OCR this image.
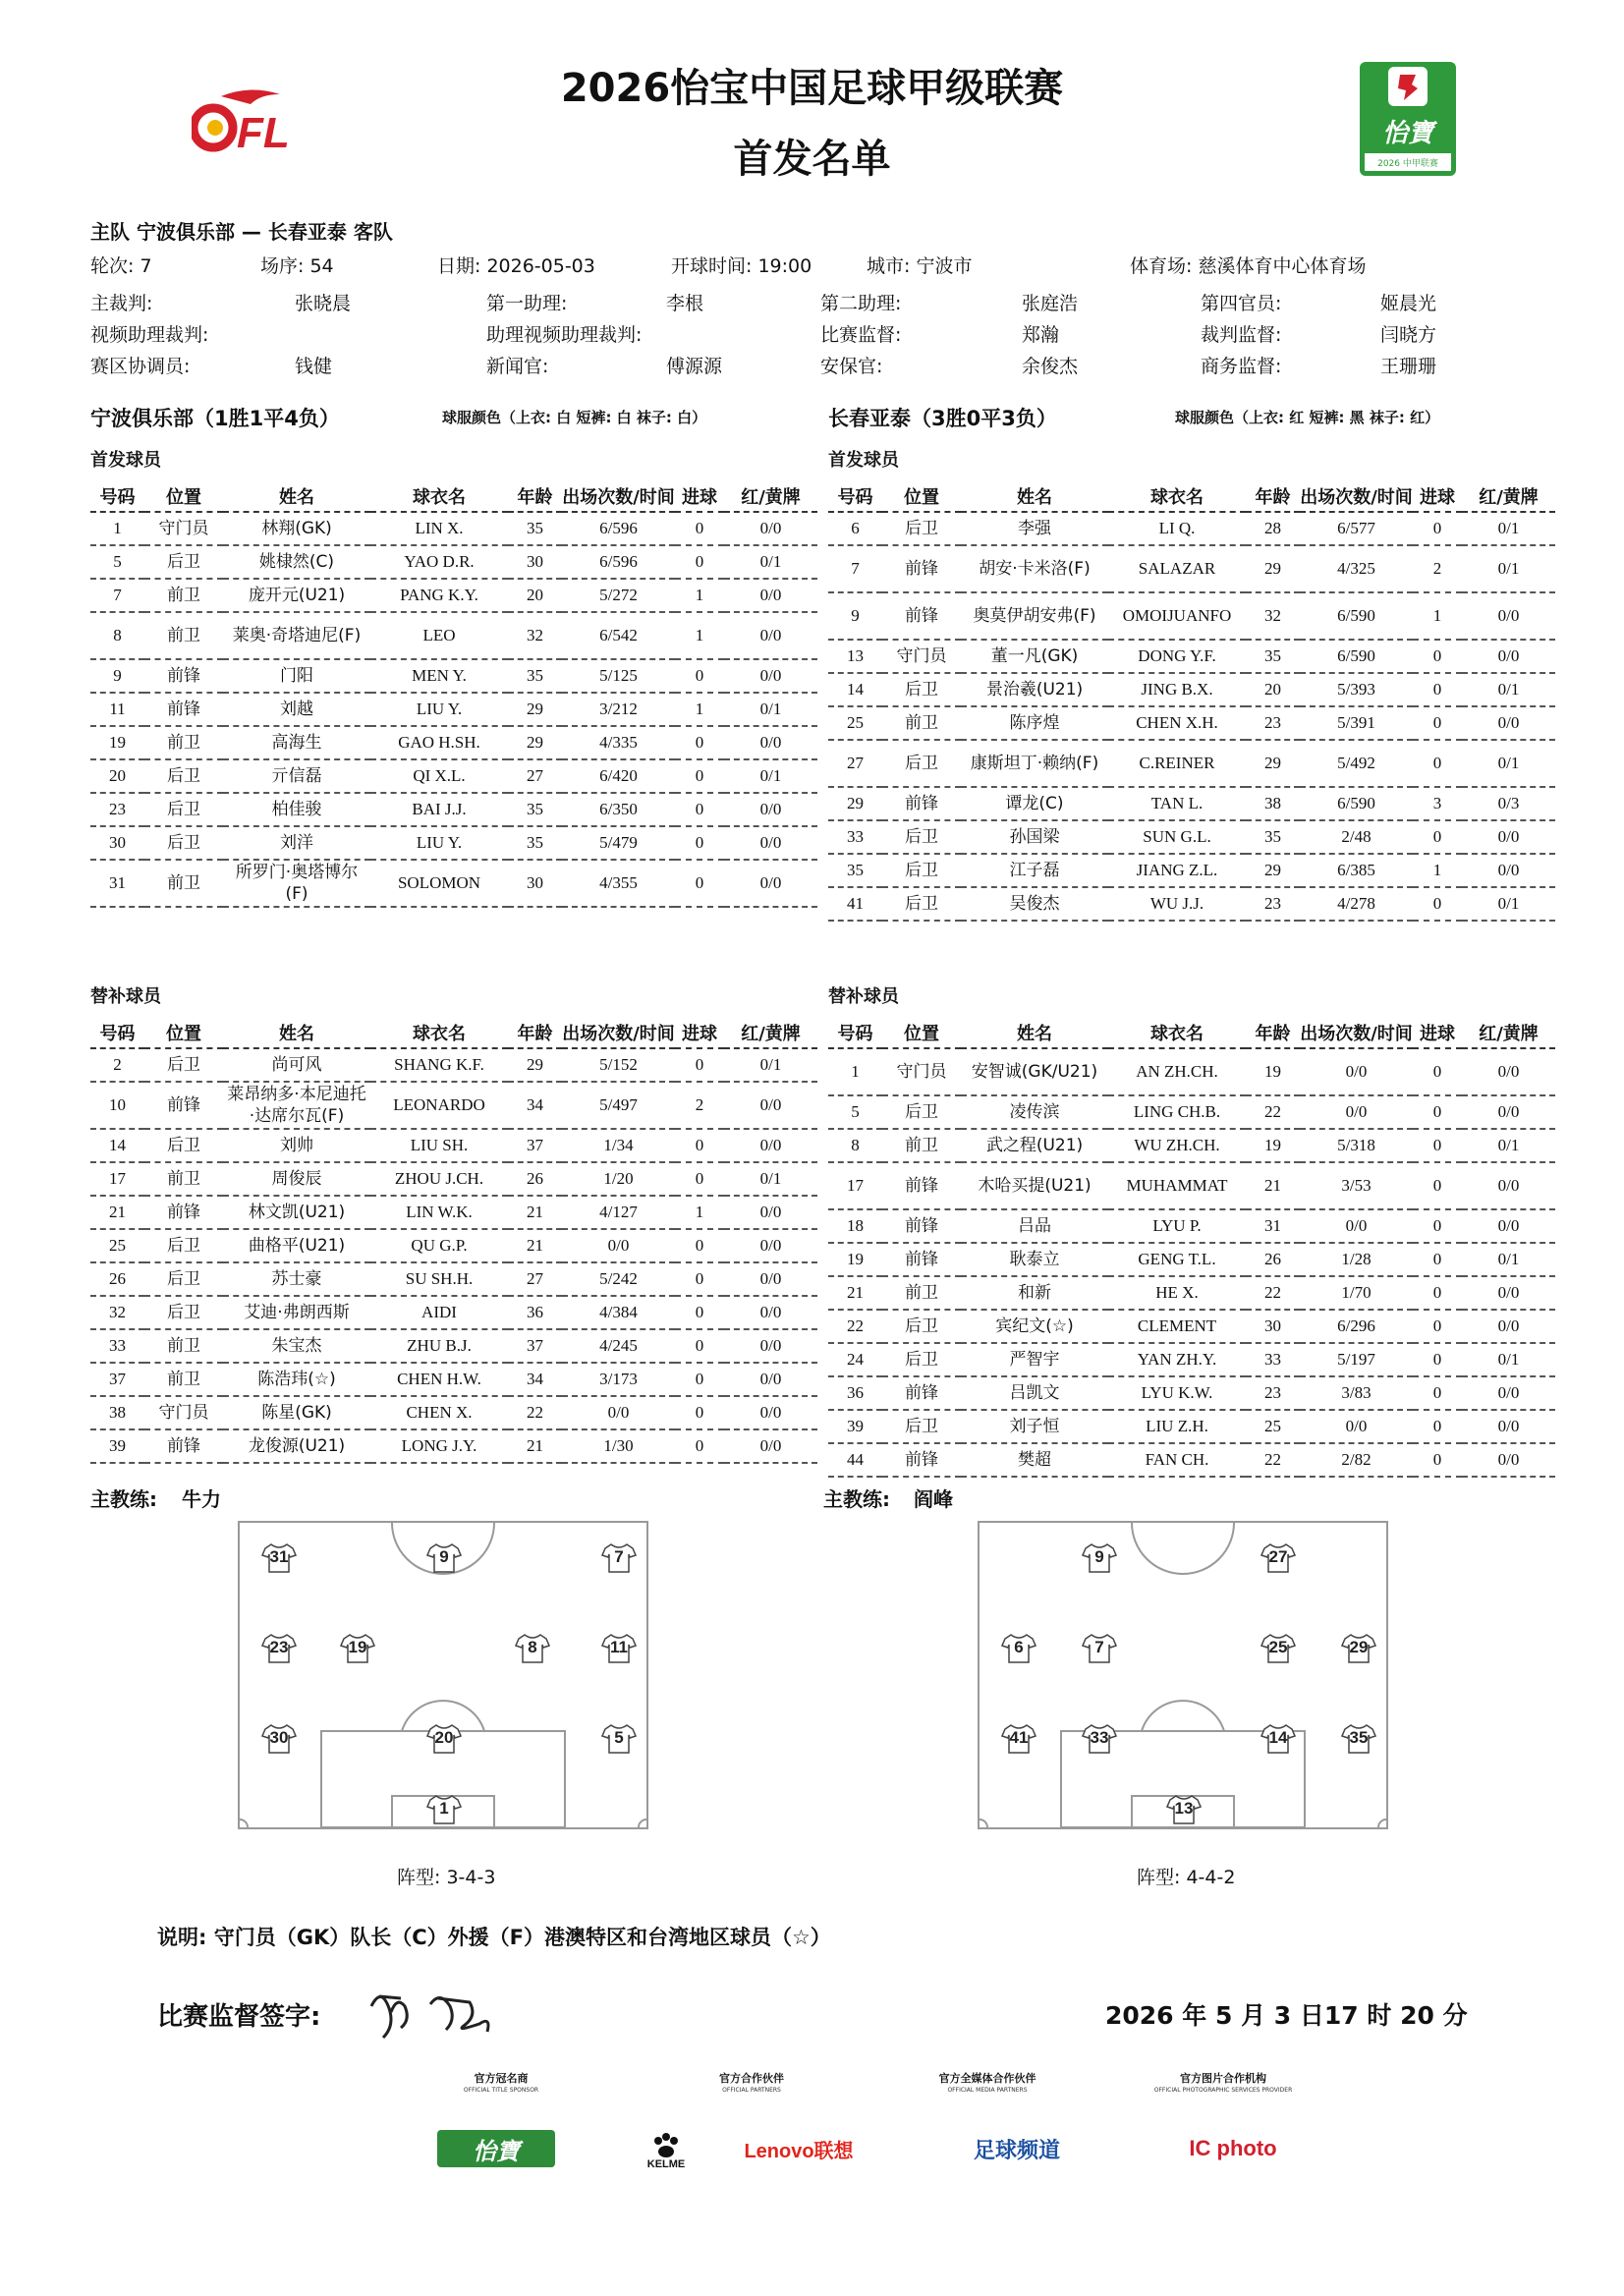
FL
2026怡宝中国足球甲级联赛
首发名单
怡寶
2026 中甲联赛
主队 宁波俱乐部 — 长春亚泰 客队
轮次: 7	场序: 54	日期: 2026-05-03	开球时间: 19:00	城市: 宁波市	体育场: 慈溪体育中心体育场
主裁判:	张晓晨	第一助理:	李根	第二助理:	张庭浩	第四官员:	姬晨光
视频助理裁判:	助理视频助理裁判:	比赛监督:	郑瀚	裁判监督:	闫晓方
赛区协调员:	钱健	新闻官:	傅源源	安保官:	余俊杰	商务监督:	王珊珊
宁波俱乐部（1胜1平4负）	球服颜色（上衣: 白 短裤: 白 袜子: 白）	长春亚泰（3胜0平3负）	球服颜色（上衣: 红 短裤: 黑 袜子: 红）
首发球员	首发球员
号码	位置	姓名	球衣名	年龄	出场次数/时间	进球	红/黄牌
1	守门员	林翔(GK)	LIN X.	35	6/596	0	0/0
5	后卫	姚棣然(C)	YAO D.R.	30	6/596	0	0/1
7	前卫	庞开元(U21)	PANG K.Y.	20	5/272	1	0/0
8	前卫	莱奥·奇塔迪尼(F)	LEO	32	6/542	1	0/0
9	前锋	门阳	MEN Y.	35	5/125	0	0/0
11	前锋	刘越	LIU Y.	29	3/212	1	0/1
19	前卫	高海生	GAO H.SH.	29	4/335	0	0/0
20	后卫	亓信磊	QI X.L.	27	6/420	0	0/1
23	后卫	柏佳骏	BAI J.J.	35	6/350	0	0/0
30	后卫	刘洋	LIU Y.	35	5/479	0	0/0
31	前卫	所罗门·奥塔博尔(F)	SOLOMON	30	4/355	0	0/0
号码	位置	姓名	球衣名	年龄	出场次数/时间	进球	红/黄牌
6	后卫	李强	LI Q.	28	6/577	0	0/1
7	前锋	胡安·卡米洛(F)	SALAZAR	29	4/325	2	0/1
9	前锋	奥莫伊胡安弗(F)	OMOIJUANFO	32	6/590	1	0/0
13	守门员	董一凡(GK)	DONG Y.F.	35	6/590	0	0/0
14	后卫	景治羲(U21)	JING B.X.	20	5/393	0	0/1
25	前卫	陈序煌	CHEN X.H.	23	5/391	0	0/0
27	后卫	康斯坦丁·赖纳(F)	C.REINER	29	5/492	0	0/1
29	前锋	谭龙(C)	TAN L.	38	6/590	3	0/3
33	后卫	孙国梁	SUN G.L.	35	2/48	0	0/0
35	后卫	江子磊	JIANG Z.L.	29	6/385	1	0/0
41	后卫	吴俊杰	WU J.J.	23	4/278	0	0/1
替补球员	替补球员
号码	位置	姓名	球衣名	年龄	出场次数/时间	进球	红/黄牌
2	后卫	尚可风	SHANG K.F.	29	5/152	0	0/1
10	前锋	莱昂纳多·本尼迪托·达席尔瓦(F)	LEONARDO	34	5/497	2	0/0
14	后卫	刘帅	LIU SH.	37	1/34	0	0/0
17	前卫	周俊辰	ZHOU J.CH.	26	1/20	0	0/1
21	前锋	林文凯(U21)	LIN W.K.	21	4/127	1	0/0
25	后卫	曲格平(U21)	QU G.P.	21	0/0	0	0/0
26	后卫	苏士豪	SU SH.H.	27	5/242	0	0/0
32	后卫	艾迪·弗朗西斯	AIDI	36	4/384	0	0/0
33	前卫	朱宝杰	ZHU B.J.	37	4/245	0	0/0
37	前卫	陈浩玮(☆)	CHEN H.W.	34	3/173	0	0/0
38	守门员	陈星(GK)	CHEN X.	22	0/0	0	0/0
39	前锋	龙俊源(U21)	LONG J.Y.	21	1/30	0	0/0
号码	位置	姓名	球衣名	年龄	出场次数/时间	进球	红/黄牌
1	守门员	安智诚(GK/U21)	AN ZH.CH.	19	0/0	0	0/0
5	后卫	凌传滨	LING CH.B.	22	0/0	0	0/0
8	前卫	武之程(U21)	WU ZH.CH.	19	5/318	0	0/1
17	前锋	木哈买提(U21)	MUHAMMAT	21	3/53	0	0/0
18	前锋	吕品	LYU P.	31	0/0	0	0/0
19	前锋	耿泰立	GENG T.L.	26	1/28	0	0/1
21	前卫	和新	HE X.	22	1/70	0	0/0
22	后卫	宾纪文(☆)	CLEMENT	30	6/296	0	0/0
24	后卫	严智宇	YAN ZH.Y.	33	5/197	0	0/1
36	前锋	吕凯文	LYU K.W.	23	3/83	0	0/0
39	后卫	刘子恒	LIU Z.H.	25	0/0	0	0/0
44	前锋	樊超	FAN CH.	22	2/82	0	0/0
主教练: 牛力	主教练: 阎峰
31	9	7
23	19	8	11
30	20	5
1
9	27
6	7	25	29
41	33	14	35
13
阵型: 3-4-3	阵型: 4-4-2
说明: 守门员（GK）队长（C）外援（F）港澳特区和台湾地区球员（☆）
比赛监督签字:	2026 年 5 月 3 日17 时 20 分
官方冠名商
OFFICIAL TITLE SPONSOR
官方合作伙伴
OFFICIAL PARTNERS
官方全媒体合作伙伴
OFFICIAL MEDIA PARTNERS
官方图片合作机构
OFFICIAL PHOTOGRAPHIC SERVICES PROVIDER
怡寶	KELME
Lenovo联想	足球频道	IC photo
